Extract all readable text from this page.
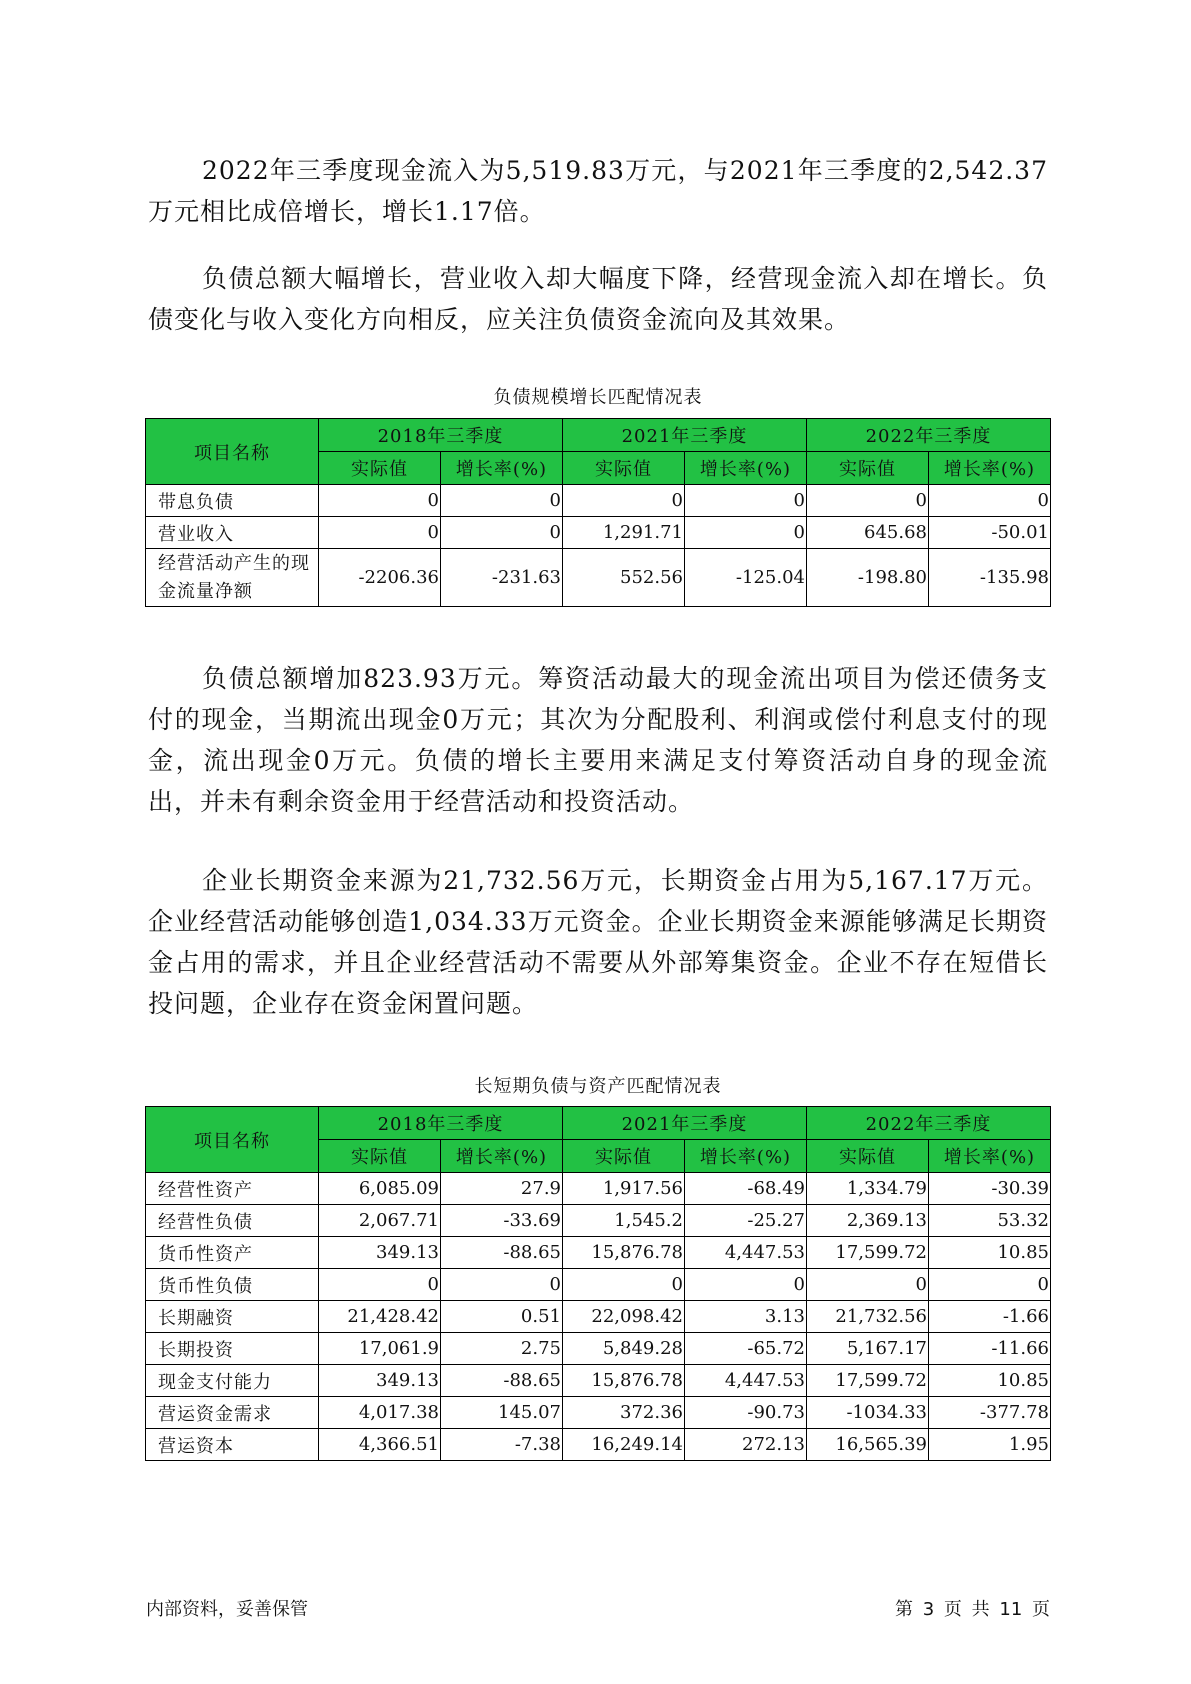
2022年三季度现金流入为5,519.83万元，与2021年三季度的2,542.37万元相比成倍增长，增长1.17倍。

负债总额大幅增长，营业收入却大幅度下降，经营现金流入却在增长。负债变化与收入变化方向相反，应关注负债资金流向及其效果。

负债规模增长匹配情况表
项目名称	2018年三季度		2021年三季度		2022年三季度	
	实际值	增长率(%)	实际值	增长率(%)	实际值	增长率(%)
带息负债	0	0	0	0	0	0
营业收入	0	0	1,291.71	0	645.68	-50.01
经营活动产生的现金流量净额	-2206.36	-231.63	552.56	-125.04	-198.80	-135.98

负债总额增加823.93万元。筹资活动最大的现金流出项目为偿还债务支付的现金，当期流出现金0万元；其次为分配股利、利润或偿付利息支付的现金，流出现金0万元。负债的增长主要用来满足支付筹资活动自身的现金流出，并未有剩余资金用于经营活动和投资活动。

企业长期资金来源为21,732.56万元，长期资金占用为5,167.17万元。企业经营活动能够创造1,034.33万元资金。企业长期资金来源能够满足长期资金占用的需求，并且企业经营活动不需要从外部筹集资金。企业不存在短借长投问题，企业存在资金闲置问题。

长短期负债与资产匹配情况表
项目名称	2018年三季度		2021年三季度		2022年三季度	
	实际值	增长率(%)	实际值	增长率(%)	实际值	增长率(%)
经营性资产	6,085.09	27.9	1,917.56	-68.49	1,334.79	-30.39
经营性负债	2,067.71	-33.69	1,545.2	-25.27	2,369.13	53.32
货币性资产	349.13	-88.65	15,876.78	4,447.53	17,599.72	10.85
货币性负债	0	0	0	0	0	0
长期融资	21,428.42	0.51	22,098.42	3.13	21,732.56	-1.66
长期投资	17,061.9	2.75	5,849.28	-65.72	5,167.17	-11.66
现金支付能力	349.13	-88.65	15,876.78	4,447.53	17,599.72	10.85
营运资金需求	4,017.38	145.07	372.36	-90.73	-1034.33	-377.78
营运资本	4,366.51	-7.38	16,249.14	272.13	16,565.39	1.95
内部资料，妥善保管	第 3 页 共 11 页
